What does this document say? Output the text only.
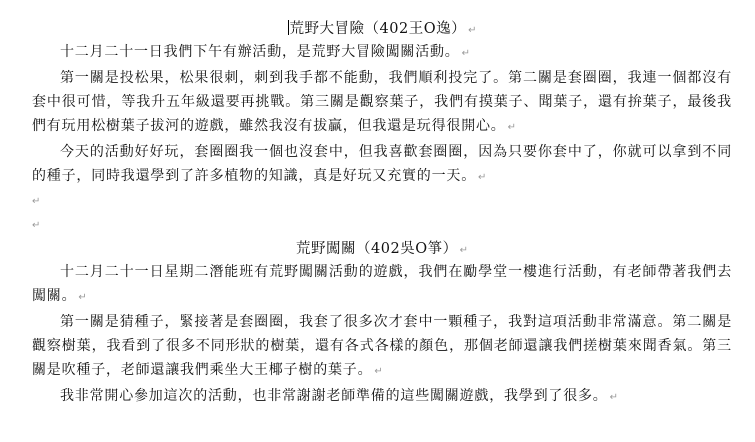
荒野大冒險（402王O逸） ↵

十二月二十一日我們下午有辦活動，是荒野大冒險闖關活動。 ↵

第一關是投松果，松果很刺，刺到我手都不能動，我們順利投完了。第二關是套圈圈，我連一個都沒有套中很可惜，等我升五年級還要再挑戰。第三關是觀察葉子，我們有摸葉子、聞葉子，還有拚葉子，最後我們有玩用松樹葉子拔河的遊戲，雖然我沒有拔贏，但我還是玩得很開心。 ↵

今天的活動好好玩，套圈圈我一個也沒套中，但我喜歡套圈圈，因為只要你套中了，你就可以拿到不同的種子，同時我還學到了許多植物的知識，真是好玩又充實的一天。 ↵

↵
↵
荒野闖關（402吳O箏） ↵

十二月二十一日星期二潛能班有荒野闖關活動的遊戲，我們在勵學堂一樓進行活動，有老師帶著我們去闖關。 ↵

第一關是猜種子，緊接著是套圈圈，我套了很多次才套中一顆種子，我對這項活動非常滿意。第二關是觀察樹葉，我看到了很多不同形狀的樹葉，還有各式各樣的顏色，那個老師還讓我們搓樹葉來聞香氣。第三關是吹種子，老師還讓我們乘坐大王椰子樹的葉子。 ↵

我非常開心參加這次的活動，也非常謝謝老師準備的這些闖關遊戲，我學到了很多。 ↵
